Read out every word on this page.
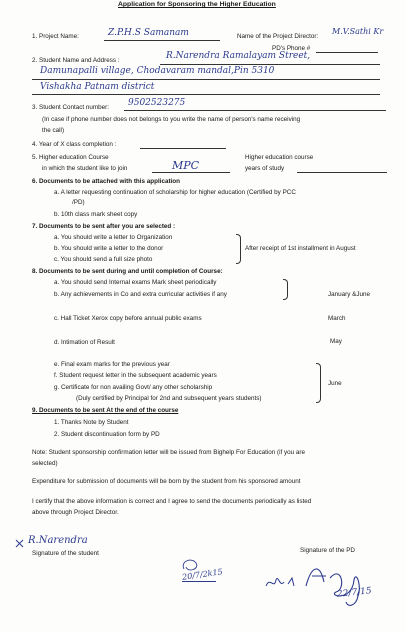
Application for Sponsoring the Higher Education
1. Project Name:	Z.P.H.S Samanam	Name of the Project Director:
M.V.Sathi Kr
PD's Phone #
2. Student Name and Address :	R.Narendra Ramalayam Street,
Damunapalli village, Chodavaram mandal,Pin 5310
Vishakha Patnam district
3. Student Contact number: 9502523275
(In case if phone number does not belongs to you write the name of person's name receiving
the call)
4. Year of X class completion :
5. Higher education Course
in which the student like to join	MPC
Higher education course
years of study
6. Documents to be attached with this application
a. A letter requesting continuation of scholarship for higher education (Certified by PCC
/PD)
b. 10th class mark sheet copy
7. Documents to be sent after you are selected :
a. You should write a letter to Organization
b. You should write a letter to the donor
c. You should send a full size photo
After receipt of 1st installment in August
8. Documents to be sent during and until completion of Course:
a. You should send Internal exams Mark sheet periodically
b. Any achievements in Co and extra curricular activities if any	January &June
c. Hall Ticket Xerox copy before annual public exams	March
d. Intimation of Result	May
e. Final exam marks for the previous year
f. Student request letter in the subsequent academic years
g. Certificate for non availing Govt/ any other scholarship
(Duly certified by Principal for 2nd and subsequent years students)
June
9. Documents to be sent At the end of the course
1. Thanks Note by Student
2. Student discontinuation form by PD
Note: Student sponsorship confirmation letter will be issued from Bighelp For Education (if you are
selected)
Expenditure for submission of documents will be born by the student from his sponsored amount
I certify that the above information is correct and I agree to send the documents periodically as listed
above through Project Director.
R.Narendra
Signature of the student	Signature of the PD
20/7/2k15
22/7/15
